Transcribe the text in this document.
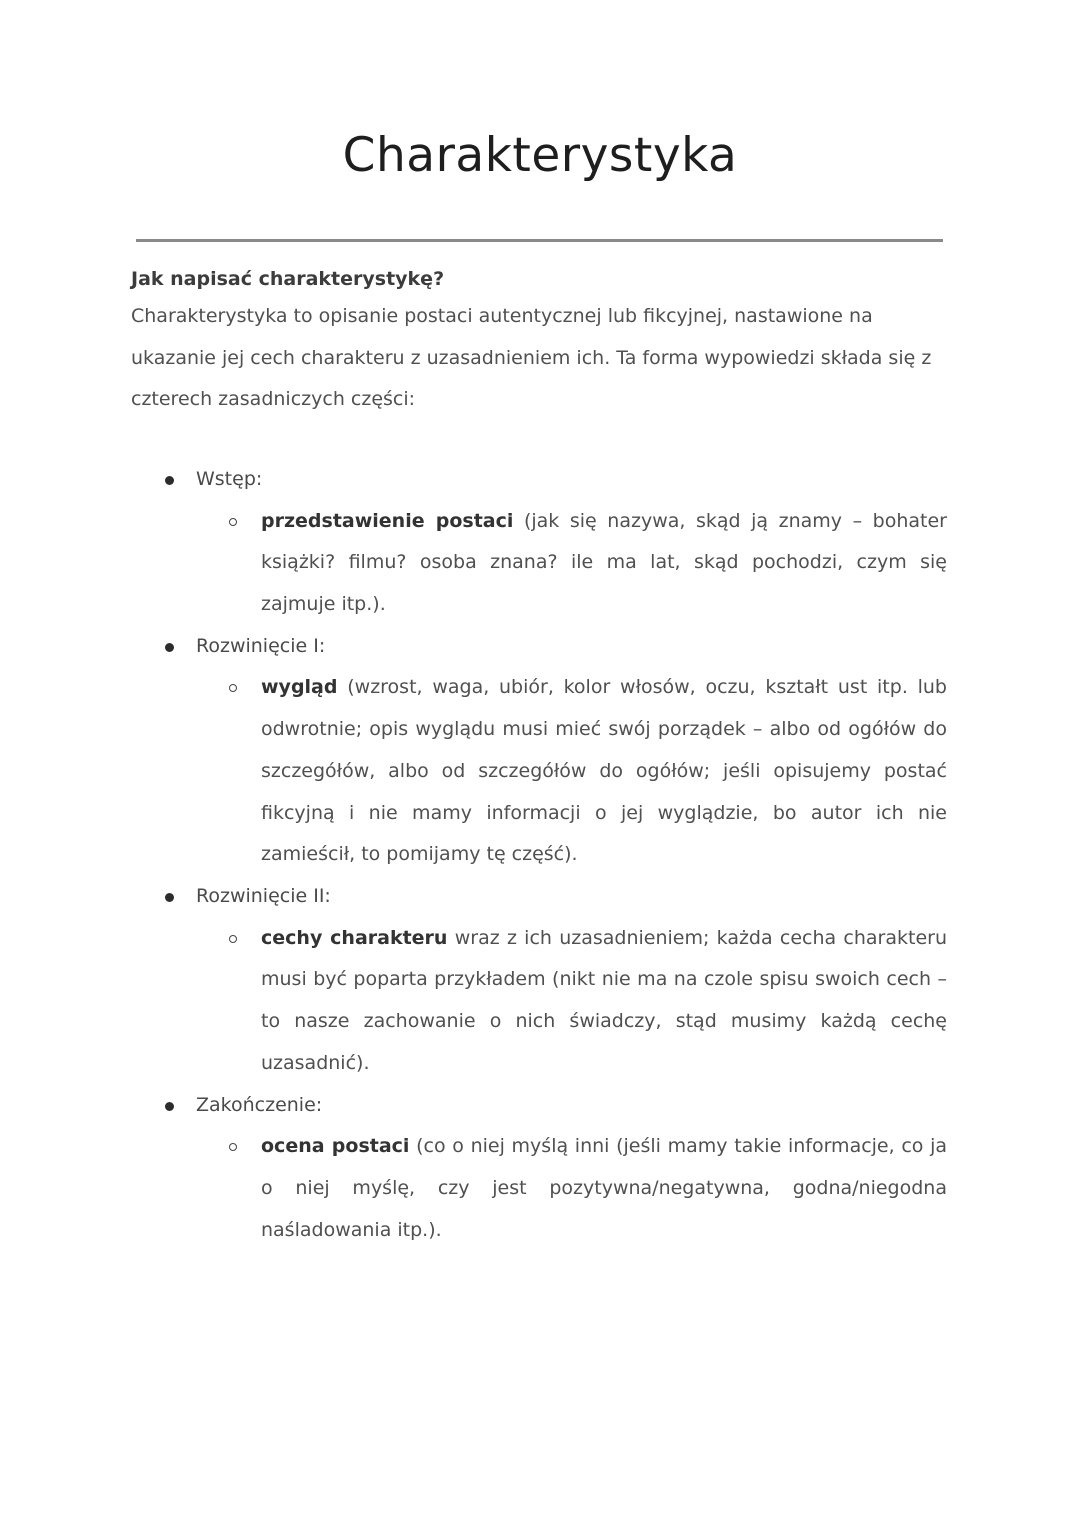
Charakterystyka
Jak napisać charakterystykę?

Charakterystyka to opisanie postaci autentycznej lub fikcyjnej, nastawione na ukazanie jej cech charakteru z uzasadnieniem ich. Ta forma wypowiedzi składa się z czterech zasadniczych części:

Wstęp:

przedstawienie postaci (jak się nazywa, skąd ją znamy – bohater książki? filmu? osoba znana? ile ma lat, skąd pochodzi, czym się zajmuje itp.).

Rozwinięcie I:

wygląd (wzrost, waga, ubiór, kolor włosów, oczu, kształt ust itp. lub odwrotnie; opis wyglądu musi mieć swój porządek – albo od ogółów do szczegółów, albo od szczegółów do ogółów; jeśli opisujemy postać fikcyjną i nie mamy informacji o jej wyglądzie, bo autor ich nie zamieścił, to pomijamy tę część).

Rozwinięcie II:

cechy charakteru wraz z ich uzasadnieniem; każda cecha charakteru musi być poparta przykładem (nikt nie ma na czole spisu swoich cech – to nasze zachowanie o nich świadczy, stąd musimy każdą cechę uzasadnić).

Zakończenie:

ocena postaci (co o niej myślą inni (jeśli mamy takie informacje, co ja o niej myślę, czy jest pozytywna/negatywna, godna/niegodna naśladowania itp.).
